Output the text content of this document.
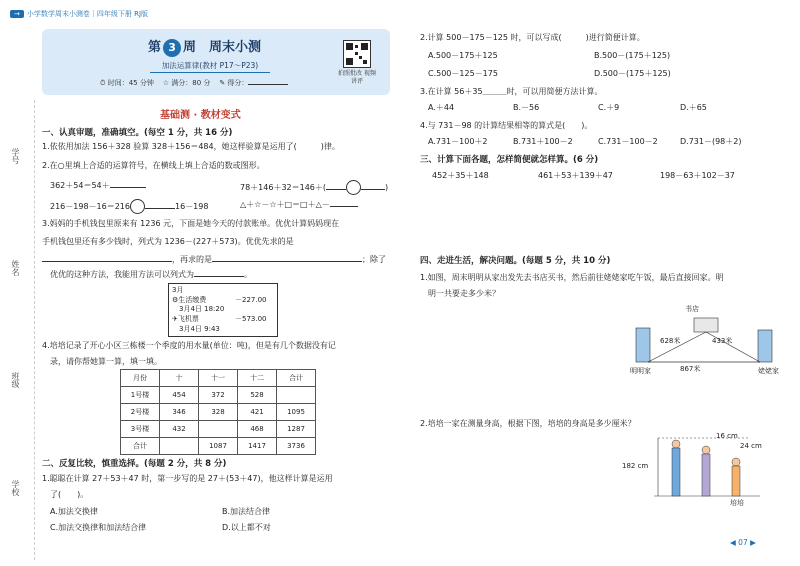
→ 小学数学周末小测卷｜四年级下册 RJ版
学号
姓名
班级
学校
第 3 周　周末小测
加法运算律(教材 P17～P23)
⏱ 时间：45 分钟 ☆ 满分：80 分 ✎ 得分：
拍照批改 视频讲评
基础测 · 教材变式
一、认真审题，准确填空。(每空 1 分，共 16 分)
1.依依用加法 156＋328 验算 328＋156＝484，她这样验算是运用了(　　　)律。
2.在○里填上合适的运算符号，在横线上填上合适的数或图形。
362＋54＝54＋	78＋146＋32＝146＋(	)
216－198－16＝216	16－198	△＋☆－☆＋□＝□＋△－
3.妈妈的手机钱包里原来有 1236 元，下面是她今天的付款账单。优优计算妈妈现在
手机钱包里还有多少钱时，列式为 1236－(227＋573)。优优先求的是
，再求的是	；除了
优优的这种方法，我能用方法可以列式为	。
3月
⚙生活缴费	－227.00
3月4日 18:20
✈飞机票	－573.00
3月4日 9:43
4.培培记录了开心小区三栋楼一个季度的用水量(单位：吨)，但是有几个数据没有记
录，请你帮她算一算，填一填。
月份	十	十一	十二	合计
1号楼	454	372	528	
2号楼	346	328	421	1095
3号楼	432		468	1287
合计		1087	1417	3736
二、反复比较，慎重选择。(每题 2 分，共 8 分)
1.聪聪在计算 27＋53＋47 时，第一步写的是 27＋(53＋47)，他这样计算是运用
了(　　)。
A.加法交换律	B.加法结合律
C.加法交换律和加法结合律	D.以上都不对
2.计算 500－175－125 时，可以写成(　　　)进行简便计算。
A.500－175＋125	B.500－(175＋125)
C.500－125－175	D.500－(175＋125)
3.在计算 56＋35＿＿＿时，可以用简便方法计算。
A.＋44	B.－56	C.＋9	D.＋65
4.与 731－98 的计算结果相等的算式是(　　)。
A.731－100＋2	B.731＋100－2	C.731－100－2	D.731－(98＋2)
三、计算下面各题，怎样简便就怎样算。(6 分)
452＋35＋148	461＋53＋139＋47	198－63＋102－37
四、走进生活，解决问题。(每题 5 分，共 10 分)
1.如图，周末明明从家出发先去书店买书，然后前往姥姥家吃午饭，最后直接回家。明
明一共要走多少米？
书店
628米	433米
867米
明明家	姥姥家
2.培培一家在测量身高，根据下图，培培的身高是多少厘米？
16 cm
24 cm
182 cm
培培
◀ 07 ▶
